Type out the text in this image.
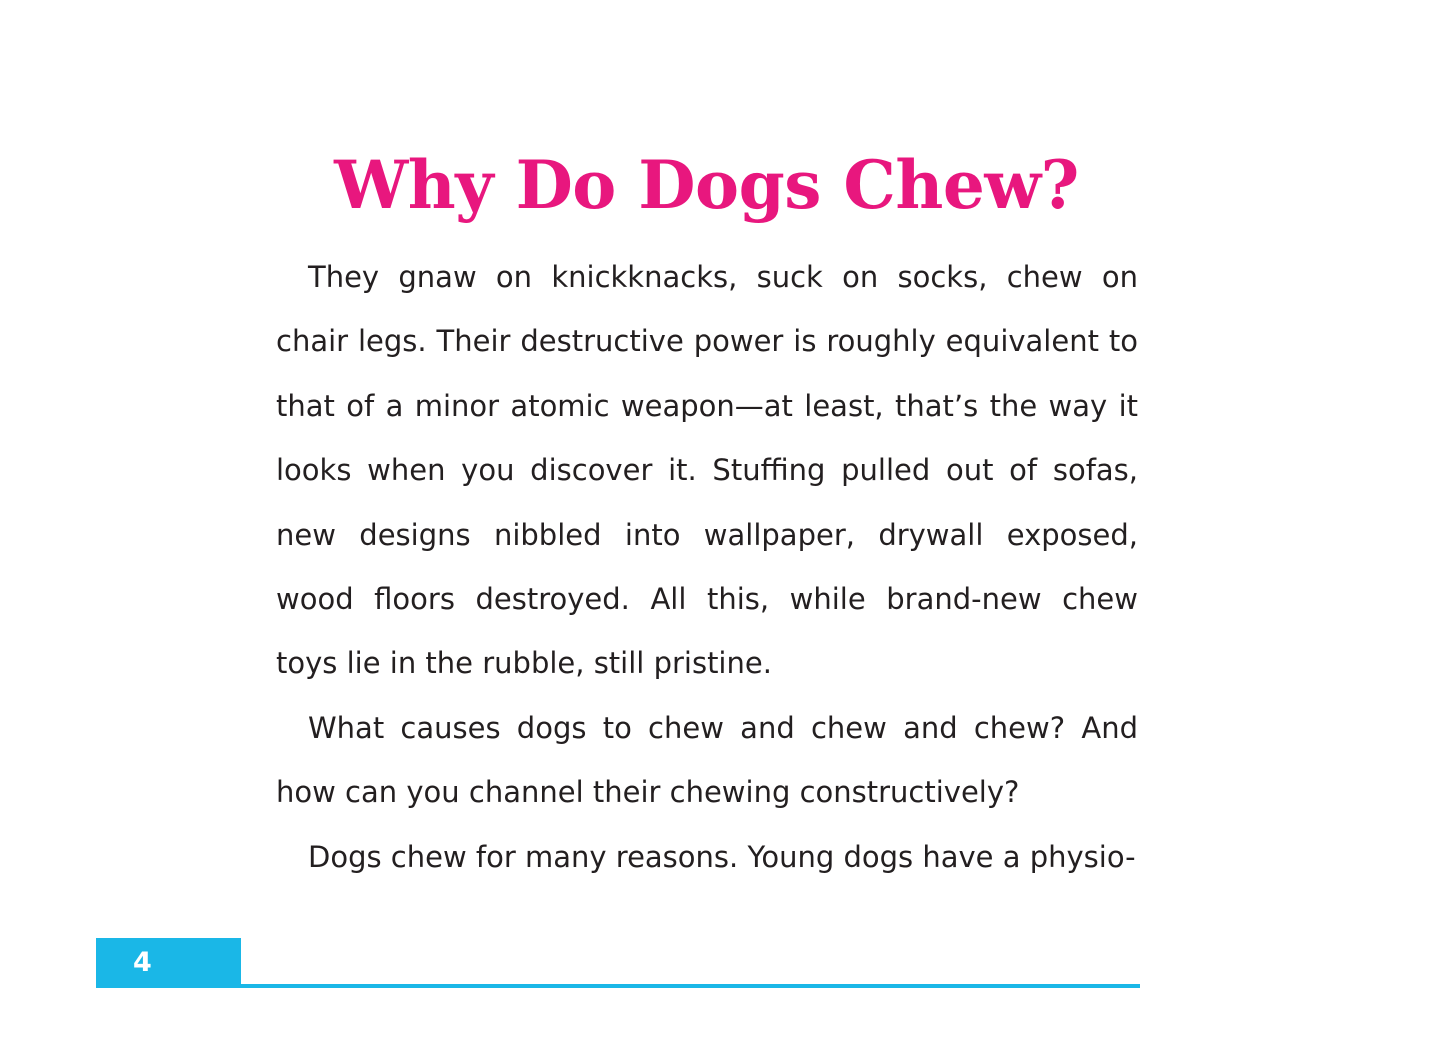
Why Do Dogs Chew?
They gnaw on knickknacks, suck on socks, chew on
chair legs. Their destructive power is roughly equivalent to
that of a minor atomic weapon—at least, that’s the way it
looks when you discover it. Stuffing pulled out of sofas,
new designs nibbled into wallpaper, drywall exposed,
wood floors destroyed. All this, while brand-new chew
toys lie in the rubble, still pristine.
What causes dogs to chew and chew and chew? And
how can you channel their chewing constructively?
Dogs chew for many reasons. Young dogs have a physio-
4
